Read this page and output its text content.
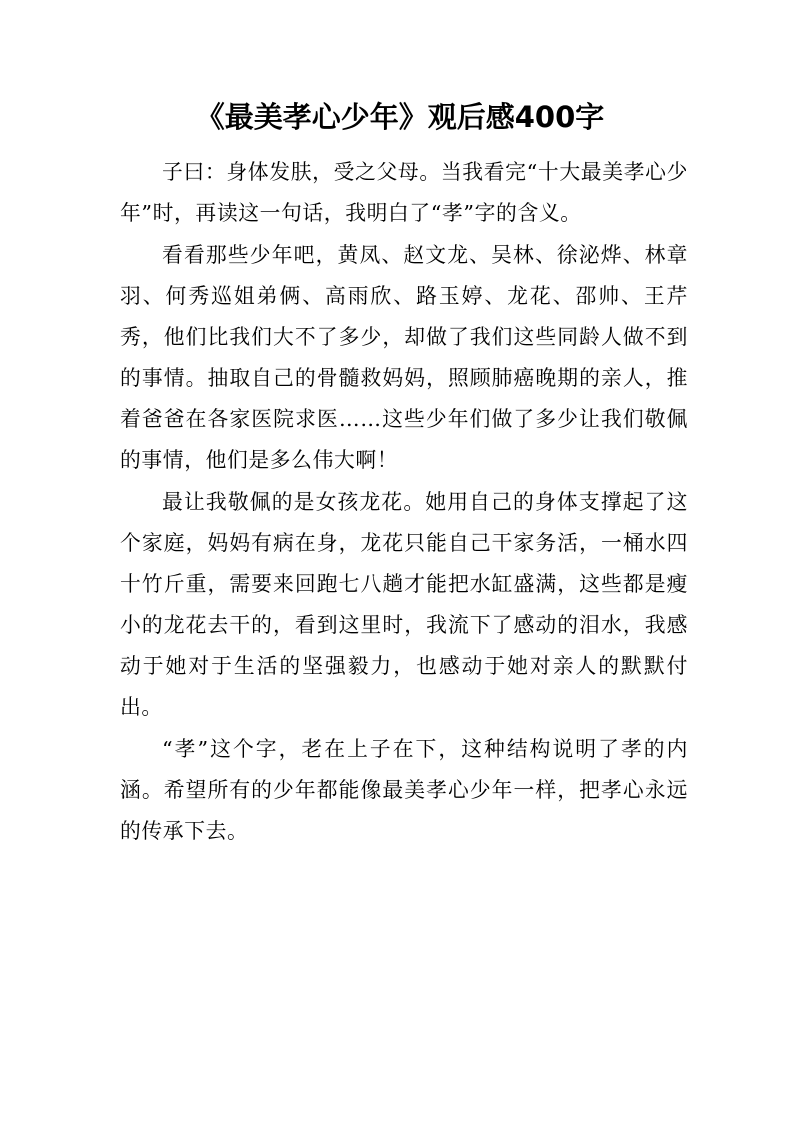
《最美孝心少年》观后感400字

子曰：身体发肤，受之父母。当我看完“十大最美孝心少年”时，再读这一句话，我明白了“孝”字的含义。

看看那些少年吧，黄凤、赵文龙、吴林、徐泌烨、林章羽、何秀巡姐弟俩、高雨欣、路玉婷、龙花、邵帅、王芹秀，他们比我们大不了多少，却做了我们这些同龄人做不到的事情。抽取自己的骨髓救妈妈，照顾肺癌晚期的亲人，推着爸爸在各家医院求医……这些少年们做了多少让我们敬佩的事情，他们是多么伟大啊！

最让我敬佩的是女孩龙花。她用自己的身体支撑起了这个家庭，妈妈有病在身，龙花只能自己干家务活，一桶水四十竹斤重，需要来回跑七八趟才能把水缸盛满，这些都是瘦小的龙花去干的，看到这里时，我流下了感动的泪水，我感动于她对于生活的坚强毅力，也感动于她对亲人的默默付出。

“孝”这个字，老在上子在下，这种结构说明了孝的内涵。希望所有的少年都能像最美孝心少年一样，把孝心永远的传承下去。
